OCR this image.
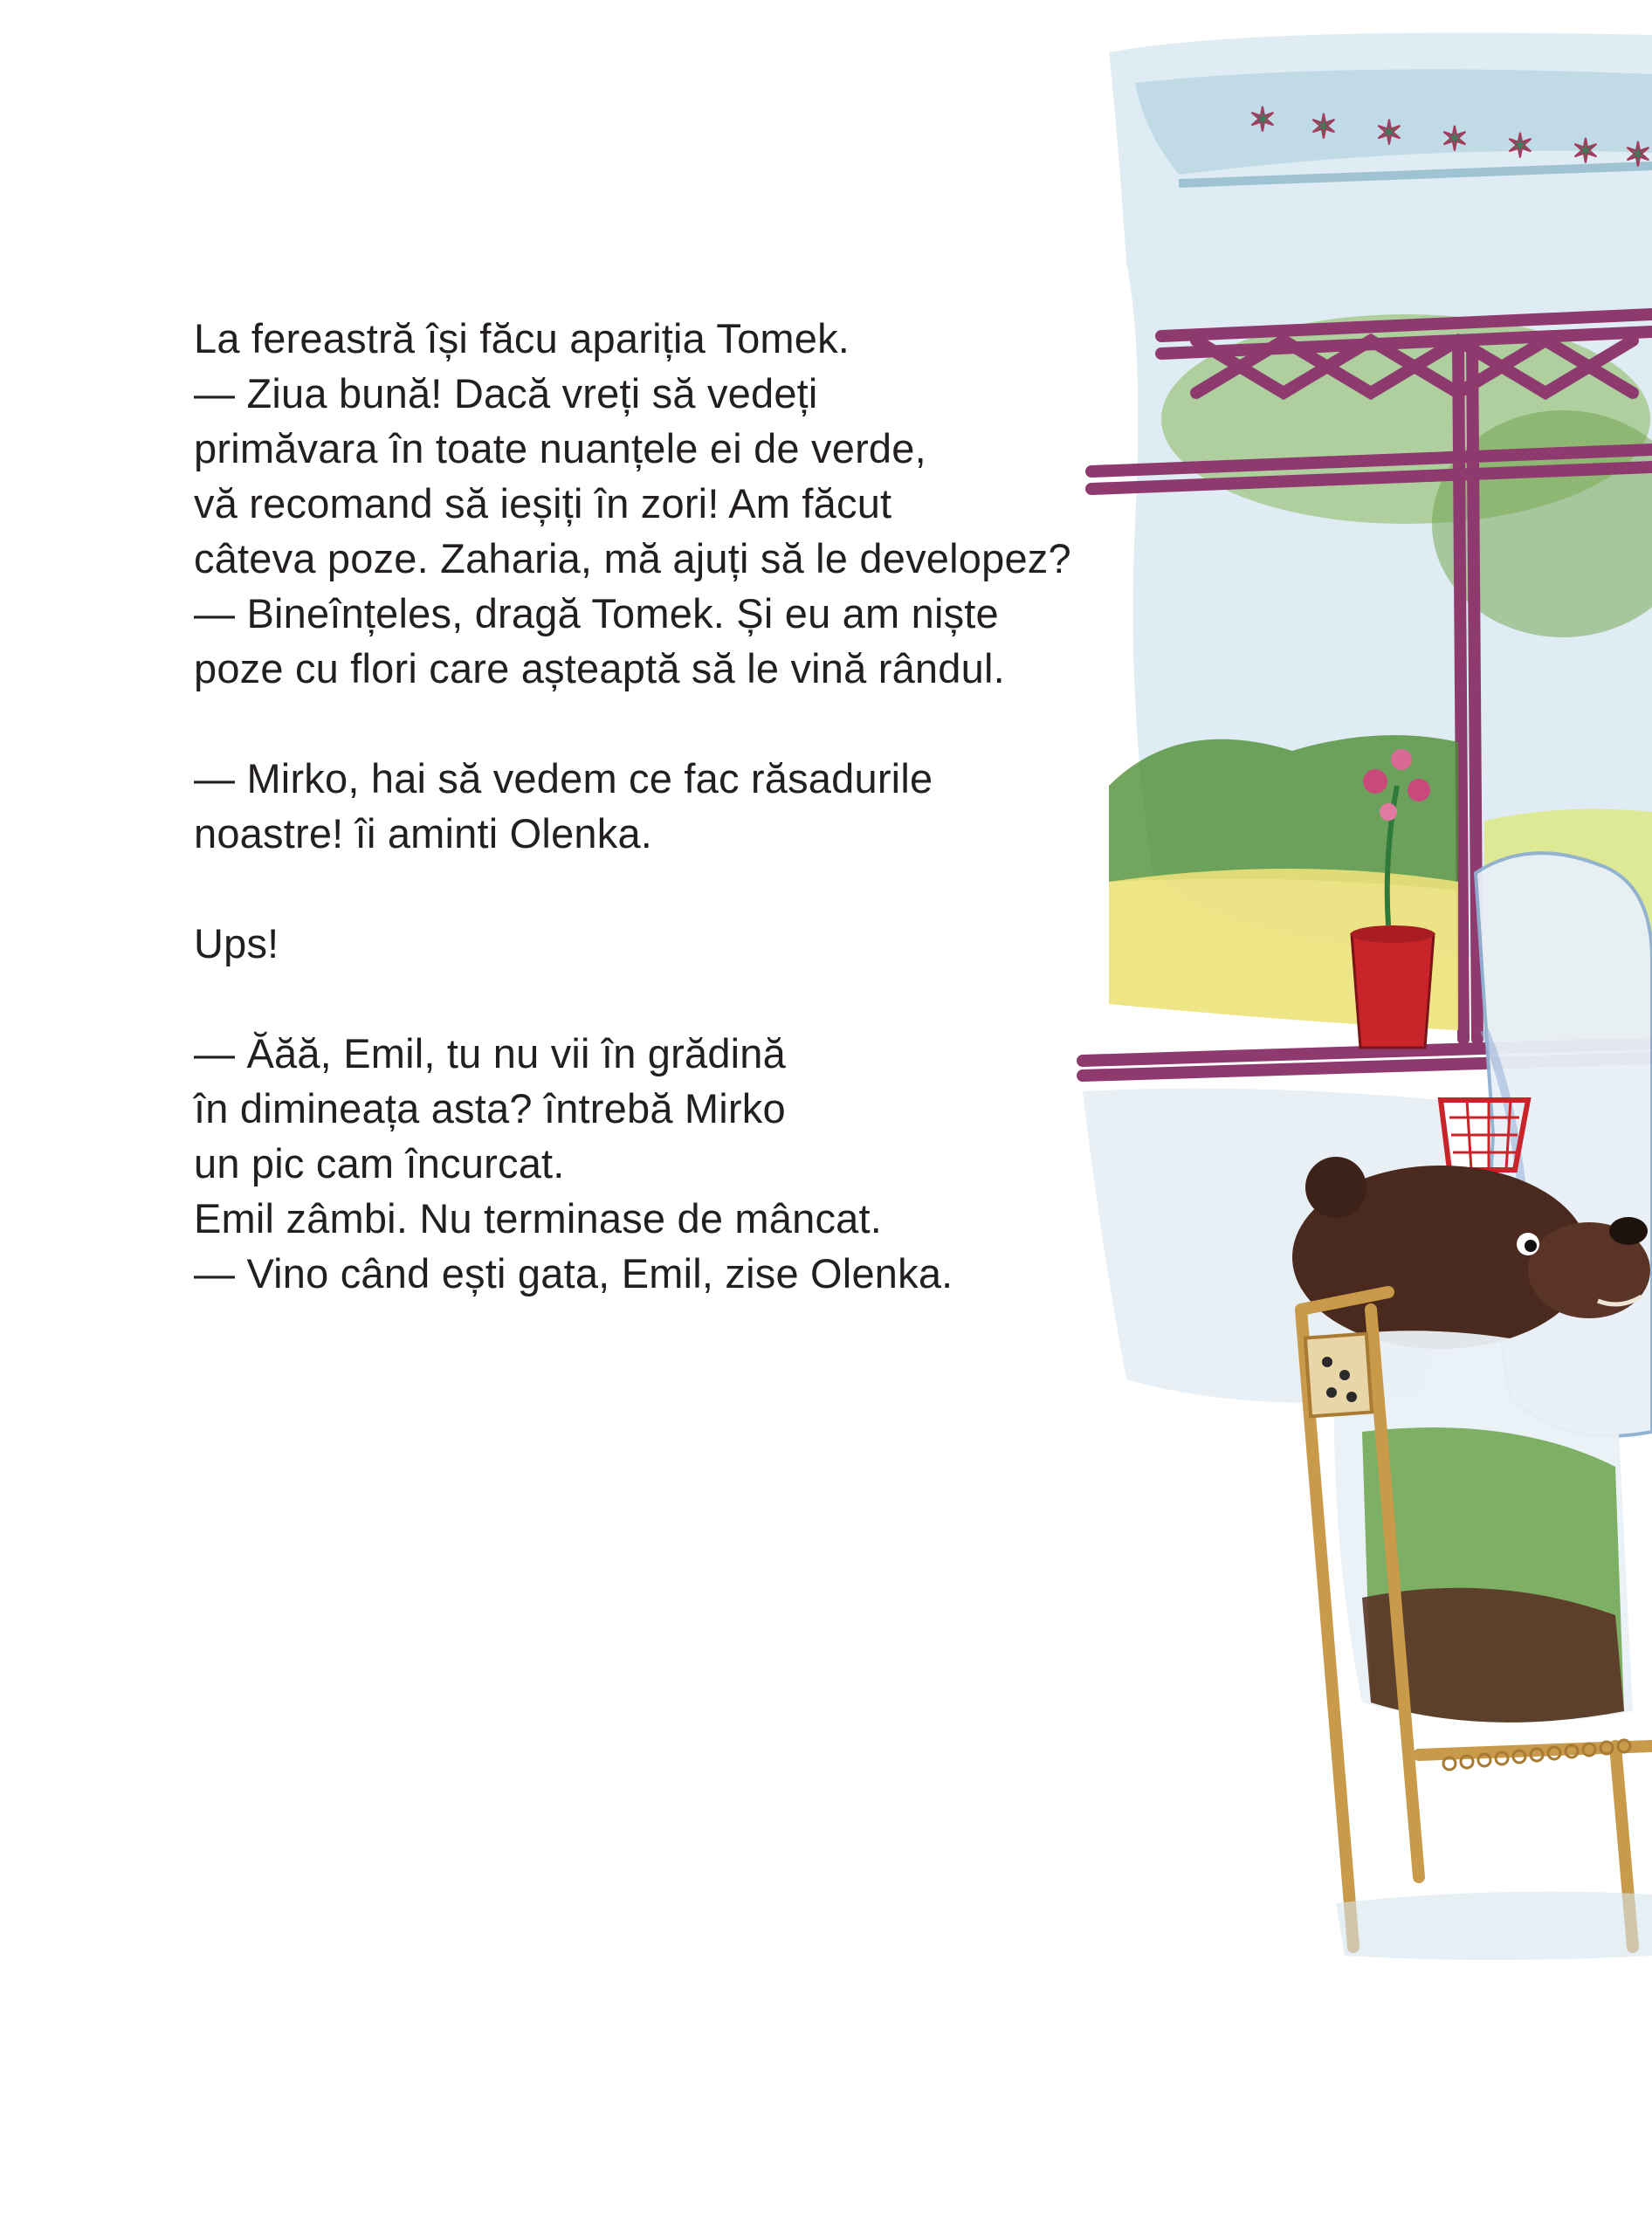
La fereastră își făcu apariția Tomek.
— Ziua bună! Dacă vreți să vedeți
primăvara în toate nuanțele ei de verde,
vă recomand să ieșiți în zori! Am făcut
câteva poze. Zaharia, mă ajuți să le developez?
— Bineînțeles, dragă Tomek. Și eu am niște
poze cu flori care așteaptă să le vină rândul.
— Mirko, hai să vedem ce fac răsadurile
noastre! îi aminti Olenka.
Ups!
— Ăăă, Emil, tu nu vii în grădină
în dimineața asta? întrebă Mirko
un pic cam încurcat.
Emil zâmbi. Nu terminase de mâncat.
— Vino când ești gata, Emil, zise Olenka.
✶ ✶ ✶ ✶ ✶ ✶ ✶
